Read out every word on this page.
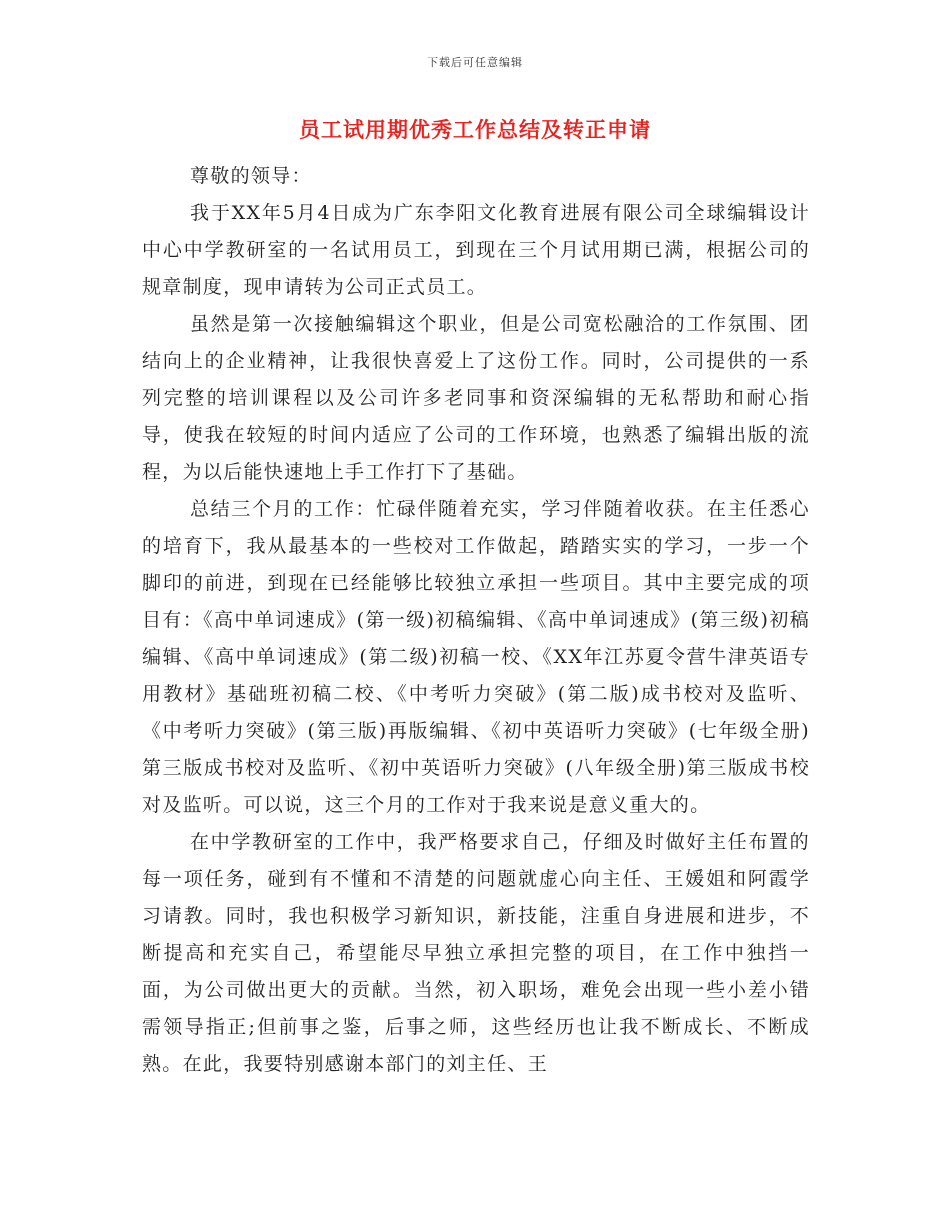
下载后可任意编辑
员工试用期优秀工作总结及转正申请

尊敬的领导：

我于XX年5月4日成为广东李阳文化教育进展有限公司全球编辑设计中心中学教研室的一名试用员工，到现在三个月试用期已满，根据公司的规章制度，现申请转为公司正式员工。

虽然是第一次接触编辑这个职业，但是公司宽松融洽的工作氛围、团结向上的企业精神，让我很快喜爱上了这份工作。同时，公司提供的一系列完整的培训课程以及公司许多老同事和资深编辑的无私帮助和耐心指导，使我在较短的时间内适应了公司的工作环境，也熟悉了编辑出版的流程，为以后能快速地上手工作打下了基础。

总结三个月的工作：忙碌伴随着充实，学习伴随着收获。在主任悉心的培育下，我从最基本的一些校对工作做起，踏踏实实的学习，一步一个脚印的前进，到现在已经能够比较独立承担一些项目。其中主要完成的项目有：《高中单词速成》(第一级)初稿编辑、《高中单词速成》(第三级)初稿编辑、《高中单词速成》(第二级)初稿一校、《XX年江苏夏令营牛津英语专用教材》基础班初稿二校、《中考听力突破》(第二版)成书校对及监听、《中考听力突破》(第三版)再版编辑、《初中英语听力突破》(七年级全册)第三版成书校对及监听、《初中英语听力突破》(八年级全册)第三版成书校对及监听。可以说，这三个月的工作对于我来说是意义重大的。

在中学教研室的工作中，我严格要求自己，仔细及时做好主任布置的每一项任务，碰到有不懂和不清楚的问题就虚心向主任、王媛姐和阿霞学习请教。同时，我也积极学习新知识，新技能，注重自身进展和进步，不断提高和充实自己，希望能尽早独立承担完整的项目，在工作中独挡一面，为公司做出更大的贡献。当然，初入职场，难免会出现一些小差小错需领导指正;但前事之鉴，后事之师，这些经历也让我不断成长、不断成熟。在此，我要特别感谢本部门的刘主任、王
